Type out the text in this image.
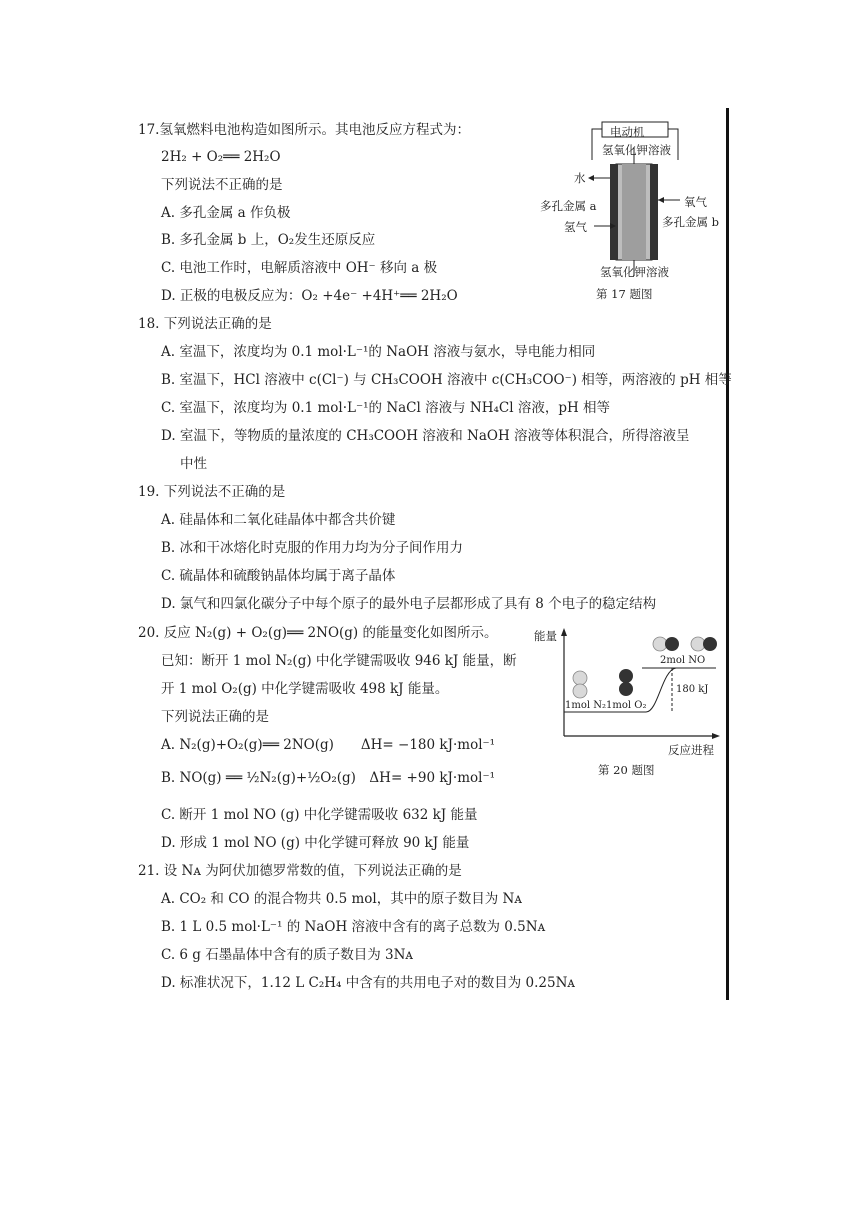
17.氢氧燃料电池构造如图所示。其电池反应方程式为：
2H₂ + O₂══ 2H₂O
下列说法不正确的是
A. 多孔金属 a 作负极
B. 多孔金属 b 上，O₂发生还原反应
C. 电池工作时，电解质溶液中 OH⁻ 移向 a 极
D. 正极的电极反应为：O₂ +4e⁻ +4H⁺══ 2H₂O
电动机
氢氧化钾溶液
水
多孔金属 a
氢气
氧气
多孔金属 b
氢氧化钾溶液
第 17 题图
18. 下列说法正确的是
A. 室温下，浓度均为 0.1 mol·L⁻¹的 NaOH 溶液与氨水，导电能力相同
B. 室温下，HCl 溶液中 c(Cl⁻) 与 CH₃COOH 溶液中 c(CH₃COO⁻) 相等，两溶液的 pH 相等
C. 室温下，浓度均为 0.1 mol·L⁻¹的 NaCl 溶液与 NH₄Cl 溶液，pH 相等
D. 室温下，等物质的量浓度的 CH₃COOH 溶液和 NaOH 溶液等体积混合，所得溶液呈
中性
19. 下列说法不正确的是
A. 硅晶体和二氧化硅晶体中都含共价键
B. 冰和干冰熔化时克服的作用力均为分子间作用力
C. 硫晶体和硫酸钠晶体均属于离子晶体
D. 氯气和四氯化碳分子中每个原子的最外电子层都形成了具有 8 个电子的稳定结构
20. 反应 N₂(g) + O₂(g)══ 2NO(g) 的能量变化如图所示。
已知：断开 1 mol N₂(g) 中化学键需吸收 946 kJ 能量，断
开 1 mol O₂(g) 中化学键需吸收 498 kJ 能量。
下列说法正确的是
A. N₂(g)+O₂(g)══ 2NO(g)　　ΔH= −180 kJ·mol⁻¹
B. NO(g) ══ ½N₂(g)+½O₂(g)　ΔH= +90 kJ·mol⁻¹
C. 断开 1 mol NO (g) 中化学键需吸收 632 kJ 能量
D. 形成 1 mol NO (g) 中化学键可释放 90 kJ 能量
能量
2mol NO
180 kJ
1mol N₂ 1mol O₂
反应进程
第 20 题图
21. 设 Nᴀ 为阿伏加德罗常数的值，下列说法正确的是
A. CO₂ 和 CO 的混合物共 0.5 mol，其中的原子数目为 Nᴀ
B. 1 L 0.5 mol·L⁻¹ 的 NaOH 溶液中含有的离子总数为 0.5Nᴀ
C. 6 g 石墨晶体中含有的质子数目为 3Nᴀ
D. 标准状况下，1.12 L C₂H₄ 中含有的共用电子对的数目为 0.25Nᴀ
